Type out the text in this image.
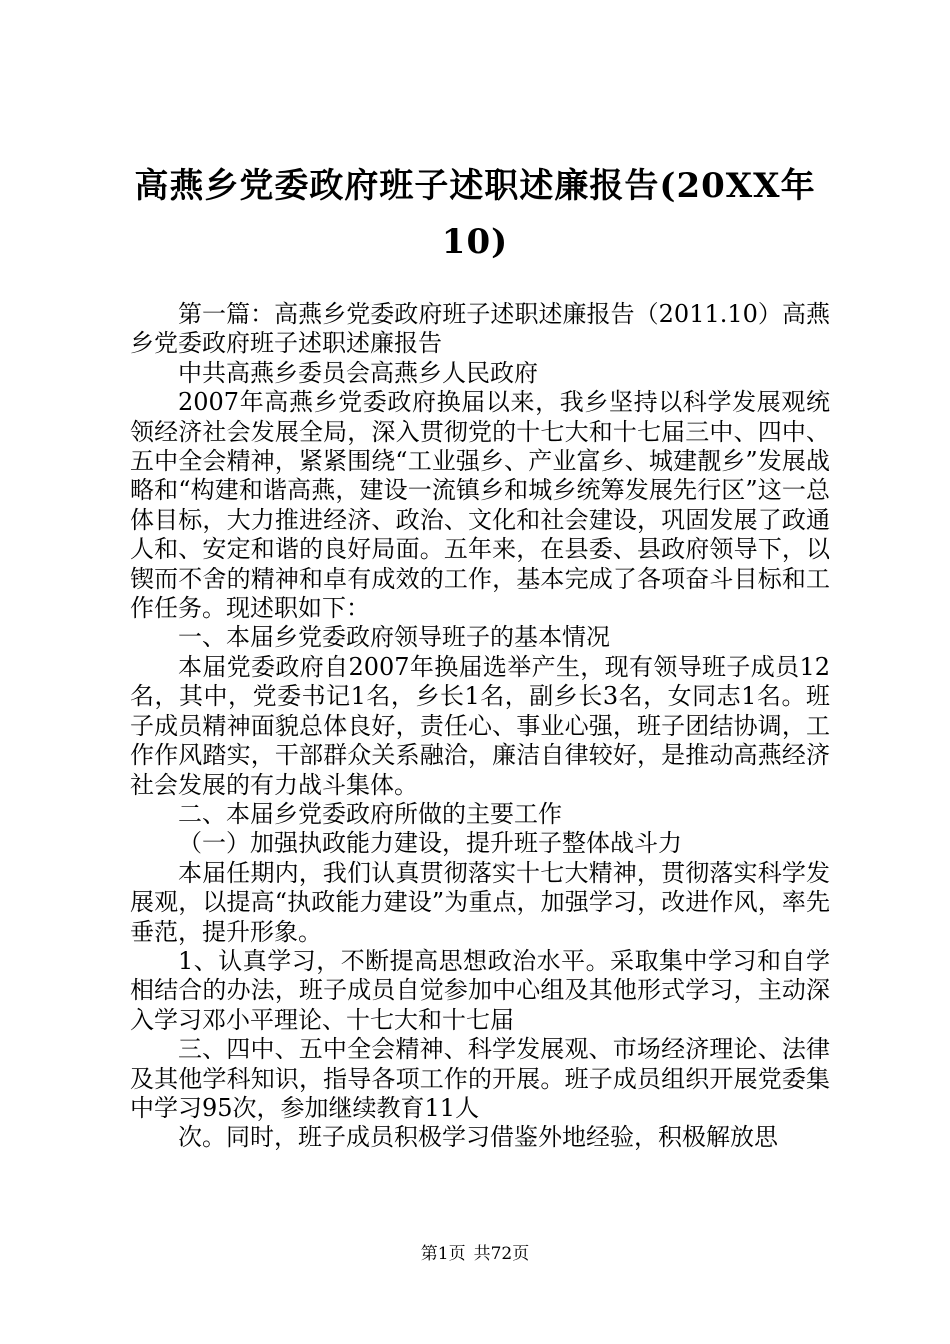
高燕乡党委政府班子述职述廉报告(20XX年
10)

第一篇：高燕乡党委政府班子述职述廉报告（2011.10）高燕乡党委政府班子述职述廉报告

中共高燕乡委员会高燕乡人民政府

2007年高燕乡党委政府换届以来，我乡坚持以科学发展观统领经济社会发展全局，深入贯彻党的十七大和十七届三中、四中、五中全会精神，紧紧围绕“工业强乡、产业富乡、城建靓乡”发展战略和“构建和谐高燕，建设一流镇乡和城乡统筹发展先行区”这一总体目标，大力推进经济、政治、文化和社会建设，巩固发展了政通人和、安定和谐的良好局面。五年来，在县委、县政府领导下，以锲而不舍的精神和卓有成效的工作，基本完成了各项奋斗目标和工作任务。现述职如下：

一、本届乡党委政府领导班子的基本情况

本届党委政府自2007年换届选举产生，现有领导班子成员12名，其中，党委书记1名，乡长1名，副乡长3名，女同志1名。班子成员精神面貌总体良好，责任心、事业心强，班子团结协调，工作作风踏实，干部群众关系融洽，廉洁自律较好，是推动高燕经济社会发展的有力战斗集体。

二、本届乡党委政府所做的主要工作

（一）加强执政能力建设，提升班子整体战斗力

本届任期内，我们认真贯彻落实十七大精神，贯彻落实科学发展观，以提高“执政能力建设”为重点，加强学习，改进作风，率先垂范，提升形象。

1、认真学习，不断提高思想政治水平。采取集中学习和自学相结合的办法，班子成员自觉参加中心组及其他形式学习，主动深入学习邓小平理论、十七大和十七届

三、四中、五中全会精神、科学发展观、市场经济理论、法律及其他学科知识，指导各项工作的开展。班子成员组织开展党委集中学习95次，参加继续教育11人

次。同时，班子成员积极学习借鉴外地经验，积极解放思

第1页 共72页
